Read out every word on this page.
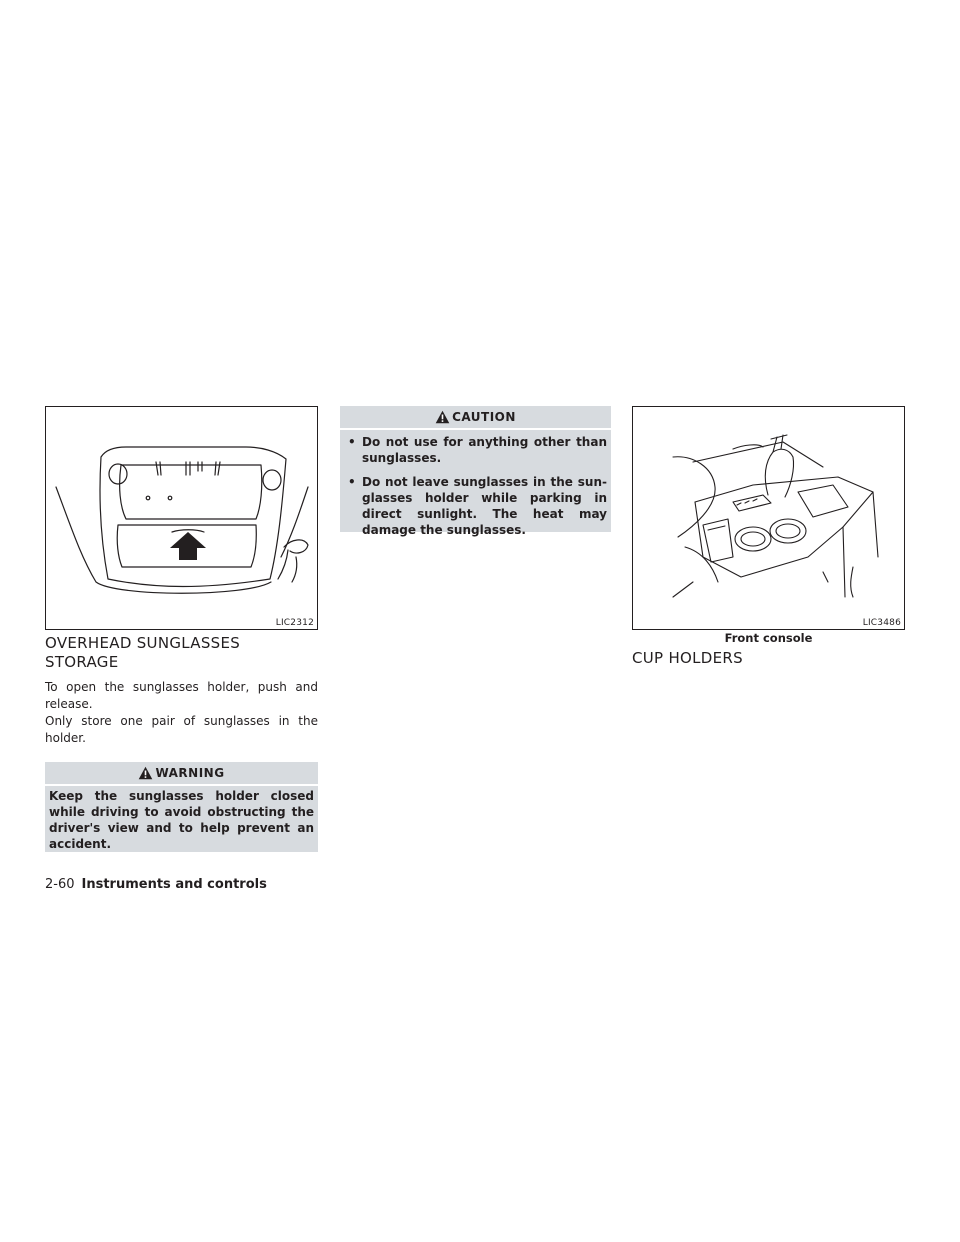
LIC2312
OVERHEAD SUNGLASSES
STORAGE

To open the sunglasses holder, push and release.

Only store one pair of sunglasses in the holder.

WARNING
Keep the sunglasses holder closed while driving to avoid obstructing the driver's view and to help prevent an accident.
CAUTION
• Do not use for anything other than sunglasses.
• Do not leave sunglasses in the sun-glasses holder while parking in direct sunlight. The heat may damage the sunglasses.
LIC3486
Front console
CUP HOLDERS
2-60 Instruments and controls
